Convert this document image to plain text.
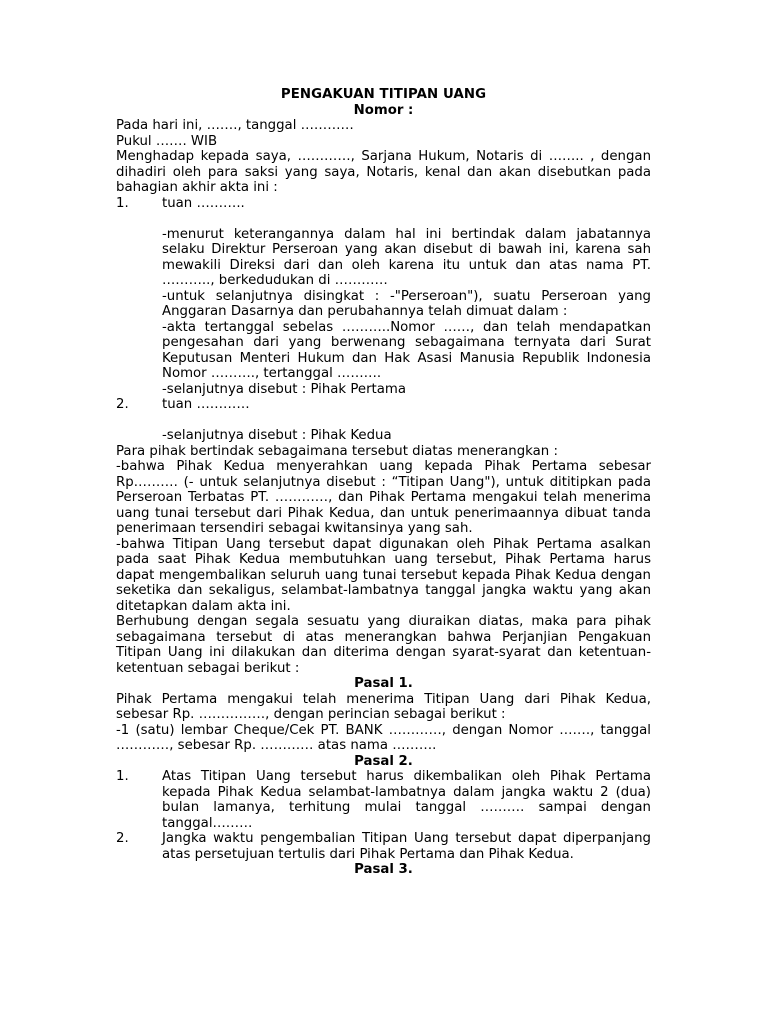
PENGAKUAN TITIPAN UANG
Nomor :

Pada hari ini, ……., tanggal …………

Pukul ……. WIB

Menghadap kepada saya, …………, Sarjana Hukum, Notaris di …….. , dengan dihadiri oleh para saksi yang saya, Notaris, kenal dan akan disebutkan pada bahagian akhir akta ini :

1.	tuan ………..

-menurut keterangannya dalam hal ini bertindak dalam jabatannya selaku Direktur Perseroan yang akan disebut di bawah ini, karena sah mewakili Direksi dari dan oleh karena itu untuk dan atas nama PT. ……….., berkedudukan di …………

-untuk selanjutnya disingkat : -"Perseroan"), suatu Perseroan yang Anggaran Dasarnya dan perubahannya telah dimuat dalam :

-akta tertanggal sebelas ………..Nomor ……, dan telah mendapatkan pengesahan dari yang berwenang sebagaimana ternyata dari Surat Keputusan Menteri Hukum dan Hak Asasi Manusia Republik Indonesia Nomor ………., tertanggal ……….

-selanjutnya disebut : Pihak Pertama

2.	tuan …………

-selanjutnya disebut : Pihak Kedua

Para pihak bertindak sebagaimana tersebut diatas menerangkan :

-bahwa Pihak Kedua menyerahkan uang kepada Pihak Pertama sebesar Rp………. (- untuk selanjutnya disebut : “Titipan Uang"), untuk dititipkan pada Perseroan Terbatas PT. …………, dan Pihak Pertama mengakui telah menerima uang tunai tersebut dari Pihak Kedua, dan untuk penerimaannya dibuat tanda penerimaan tersendiri sebagai kwitansinya yang sah.

-bahwa Titipan Uang tersebut dapat digunakan oleh Pihak Pertama asalkan pada saat Pihak Kedua membutuhkan uang tersebut, Pihak Pertama harus dapat mengembalikan seluruh uang tunai tersebut kepada Pihak Kedua dengan seketika dan sekaligus, selambat-lambatnya tanggal jangka waktu yang akan ditetapkan dalam akta ini.

Berhubung dengan segala sesuatu yang diuraikan diatas, maka para pihak sebagaimana tersebut di atas menerangkan bahwa Perjanjian Pengakuan Titipan Uang ini dilakukan dan diterima dengan syarat-syarat dan ketentuan-ketentuan sebagai berikut :

Pasal 1.

Pihak Pertama mengakui telah menerima Titipan Uang dari Pihak Kedua, sebesar Rp. ……………, dengan perincian sebagai berikut :

-1 (satu) lembar Cheque/Cek PT. BANK …………, dengan Nomor ……., tanggal …………, sebesar Rp. ………… atas nama ……….

Pasal 2.
1.	Atas Titipan Uang tersebut harus dikembalikan oleh Pihak Pertama kepada Pihak Kedua selambat-lambatnya dalam jangka waktu 2 (dua) bulan lamanya, terhitung mulai tanggal ………. sampai dengan tanggal………
2.	Jangka waktu pengembalian Titipan Uang tersebut dapat diperpanjang atas persetujuan tertulis dari Pihak Pertama dan Pihak Kedua.
Pasal 3.
